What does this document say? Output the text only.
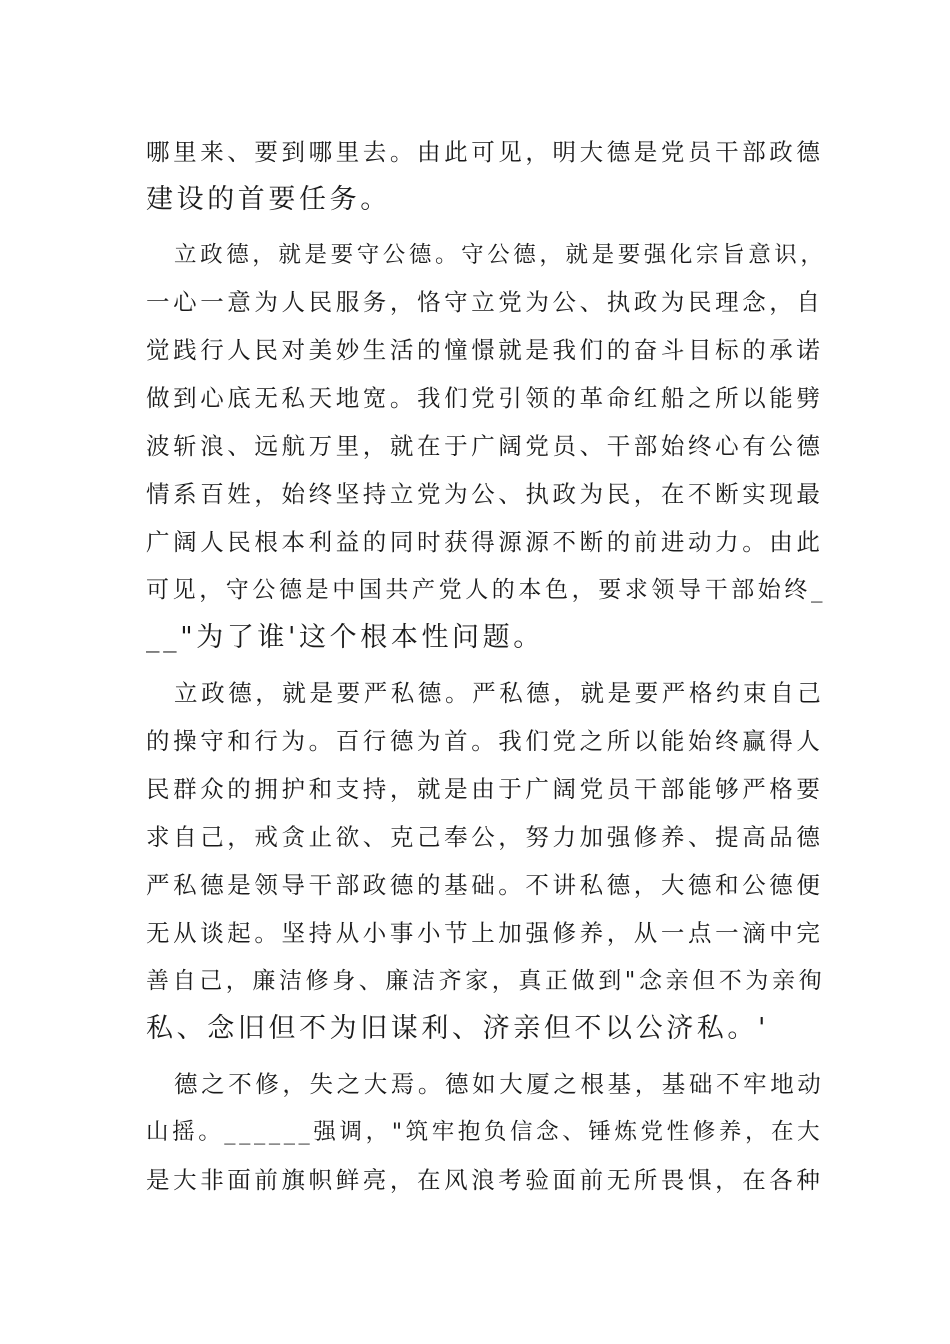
哪里来、要到哪里去。由此可见，明大德是党员干部政德

建设的首要任务。

立政德，就是要守公德。守公德，就是要强化宗旨意识，

一心一意为人民服务，恪守立党为公、执政为民理念，自

觉践行人民对美妙生活的憧憬就是我们的奋斗目标的承诺

做到心底无私天地宽。我们党引领的革命红船之所以能劈

波斩浪、远航万里，就在于广阔党员、干部始终心有公德

情系百姓，始终坚持立党为公、执政为民，在不断实现最

广阔人民根本利益的同时获得源源不断的前进动力。由此

可见，守公德是中国共产党人的本色，要求领导干部始终_

__"为了谁'这个根本性问题。

立政德，就是要严私德。严私德，就是要严格约束自己

的操守和行为。百行德为首。我们党之所以能始终赢得人

民群众的拥护和支持，就是由于广阔党员干部能够严格要

求自己，戒贪止欲、克己奉公，努力加强修养、提高品德

严私德是领导干部政德的基础。不讲私德，大德和公德便

无从谈起。坚持从小事小节上加强修养，从一点一滴中完

善自己，廉洁修身、廉洁齐家，真正做到"念亲但不为亲徇

私、念旧但不为旧谋利、济亲但不以公济私。'

德之不修，失之大焉。德如大厦之根基，基础不牢地动

山摇。______强调，"筑牢抱负信念、锤炼党性修养，在大

是大非面前旗帜鲜亮，在风浪考验面前无所畏惧，在各种
